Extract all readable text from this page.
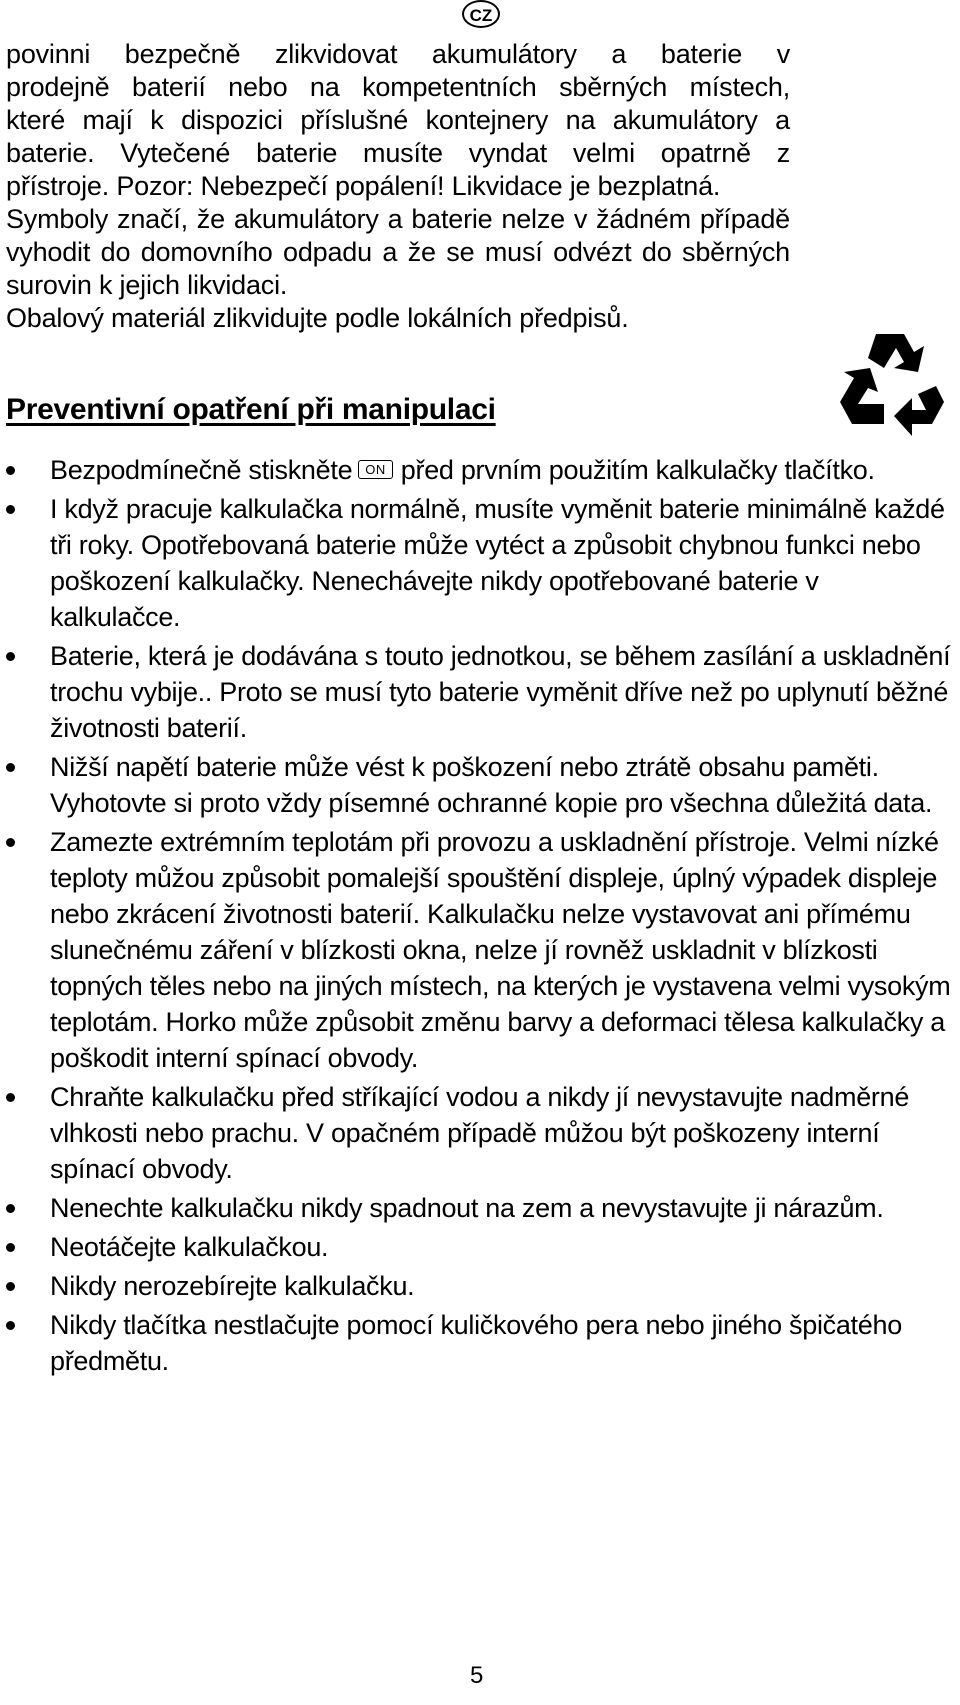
CZ

povinni bezpečně zlikvidovat akumulátory a baterie v

prodejně baterií nebo na kompetentních sběrných místech,

které mají k dispozici příslušné kontejnery na akumulátory a

baterie. Vytečené baterie musíte vyndat velmi opatrně z

přístroje. Pozor: Nebezpečí popálení! Likvidace je bezplatná.

Symboly značí, že akumulátory a baterie nelze v žádném případě vyhodit do domovního odpadu a že se musí odvézt do sběrných surovin k jejich likvidaci.

Obalový materiál zlikvidujte podle lokálních předpisů.

Preventivní opatření při manipulaci
Bezpodmínečně stiskněte ON před prvním použitím kalkulačky tlačítko.
I když pracuje kalkulačka normálně, musíte vyměnit baterie minimálně každé tři roky. Opotřebovaná baterie může vytéct a způsobit chybnou funkci nebo poškození kalkulačky. Nenechávejte nikdy opotřebované baterie v kalkulačce.
Baterie, která je dodávána s touto jednotkou, se během zasílání a uskladnění trochu vybije.. Proto se musí tyto baterie vyměnit dříve než po uplynutí běžné životnosti baterií.
Nižší napětí baterie může vést k poškození nebo ztrátě obsahu paměti. Vyhotovte si proto vždy písemné ochranné kopie pro všechna důležitá data.
Zamezte extrémním teplotám při provozu a uskladnění přístroje. Velmi nízké teploty můžou způsobit pomalejší spouštění displeje, úplný výpadek displeje nebo zkrácení životnosti baterií. Kalkulačku nelze vystavovat ani přímému slunečnému záření v blízkosti okna, nelze jí rovněž uskladnit v blízkosti topných těles nebo na jiných místech, na kterých je vystavena velmi vysokým teplotám. Horko může způsobit změnu barvy a deformaci tělesa kalkulačky a poškodit interní spínací obvody.
Chraňte kalkulačku před stříkající vodou a nikdy jí nevystavujte nadměrné vlhkosti nebo prachu. V opačném případě můžou být poškozeny interní spínací obvody.
Nenechte kalkulačku nikdy spadnout na zem a nevystavujte ji nárazům.
Neotáčejte kalkulačkou.
Nikdy nerozebírejte kalkulačku.
Nikdy tlačítka nestlačujte pomocí kuličkového pera nebo jiného špičatého předmětu.

5
